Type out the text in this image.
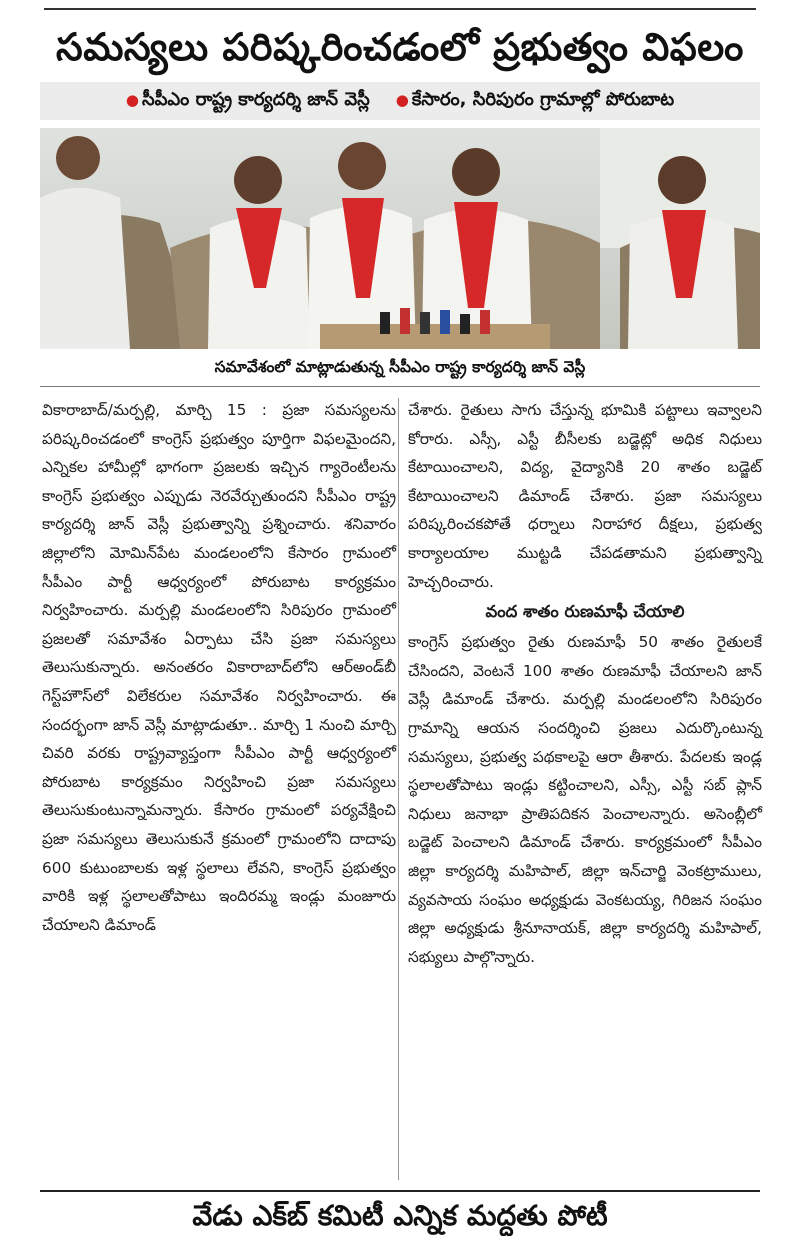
సమస్యలు పరిష్కరించడంలో ప్రభుత్వం విఫలం
● సీపీఎం రాష్ట్ర కార్యదర్శి జాన్ వెస్లీ
●	కేసారం, సిరిపురం గ్రామాల్లో పోరుబాట
సమావేశంలో మాట్లాడుతున్న సీపీఎం రాష్ట్ర కార్యదర్శి జాన్ వెస్లీ

వికారాబాద్/మర్పల్లి, మార్చి 15 : ప్రజా సమస్యలను పరిష్కరించడంలో కాంగ్రెస్ ప్రభుత్వం పూర్తిగా విఫలమైందని, ఎన్నికల హామీల్లో భాగంగా ప్రజలకు ఇచ్చిన గ్యారెంటీలను కాంగ్రెస్ ప్రభుత్వం ఎప్పుడు నెరవేర్చుతుందని సీపీఎం రాష్ట్ర కార్యదర్శి జాన్ వెస్లీ ప్రభుత్వాన్ని ప్రశ్నించారు. శనివారం జిల్లాలోని మోమిన్‌పేట మండలంలోని కేసారం గ్రామంలో సీపీఎం పార్టీ ఆధ్వర్యంలో పోరుబాట కార్యక్రమం నిర్వహించారు. మర్పల్లి మండలంలోని సిరిపురం గ్రామంలో ప్రజలతో సమావేశం ఏర్పాటు చేసి ప్రజా సమస్యలు తెలుసుకున్నారు. అనంతరం వికారాబాద్‌లోని ఆర్‌అండ్‌బీ గెస్ట్‌హౌస్‌లో విలేకరుల సమావేశం నిర్వహించారు. ఈ సందర్భంగా జాన్ వెస్లీ మాట్లాడుతూ.. మార్చి 1 నుంచి మార్చి చివరి వరకు రాష్ట్రవ్యాప్తంగా సీపీఎం పార్టీ ఆధ్వర్యంలో పోరుబాట కార్యక్రమం నిర్వహించి ప్రజా సమస్యలు తెలుసుకుంటున్నామన్నారు. కేసారం గ్రామంలో పర్యవేక్షించి ప్రజా సమస్యలు తెలుసుకునే క్రమంలో గ్రామంలోని దాదాపు 600 కుటుంబాలకు ఇళ్ల స్థలాలు లేవని, కాంగ్రెస్ ప్రభుత్వం వారికి ఇళ్ల స్థలాలతోపాటు ఇందిరమ్మ ఇండ్లు మంజూరు చేయాలని డిమాండ్

చేశారు. రైతులు సాగు చేస్తున్న భూమికి పట్టాలు ఇవ్వాలని కోరారు. ఎస్సీ, ఎస్టీ బీసీలకు బడ్జెట్లో అధిక నిధులు కేటాయించాలని, విద్య, వైద్యానికి 20 శాతం బడ్జెట్ కేటాయించాలని డిమాండ్ చేశారు. ప్రజా సమస్యలు పరిష్కరించకపోతే ధర్నాలు నిరాహార దీక్షలు, ప్రభుత్వ కార్యాలయాల ముట్టడి చేపడతామని ప్రభుత్వాన్ని హెచ్చరించారు.

వంద శాతం రుణమాఫీ చేయాలి

కాంగ్రెస్ ప్రభుత్వం రైతు రుణమాఫీ 50 శాతం రైతులకే చేసిందని, వెంటనే 100 శాతం రుణమాఫీ చేయాలని జాన్ వెస్లీ డిమాండ్ చేశారు. మర్పల్లి మండలంలోని సిరిపురం గ్రామాన్ని ఆయన సందర్శించి ప్రజలు ఎదుర్కొంటున్న సమస్యలు, ప్రభుత్వ పథకాలపై ఆరా తీశారు. పేదలకు ఇండ్ల స్థలాలతోపాటు ఇండ్లు కట్టించాలని, ఎస్సీ, ఎస్టీ సబ్ ప్లాన్ నిధులు జనాభా ప్రాతిపదికన పెంచాలన్నారు. అసెంబ్లీలో బడ్జెట్ పెంచాలని డిమాండ్ చేశారు. కార్యక్రమంలో సీపీఎం జిల్లా కార్యదర్శి మహిపాల్, జిల్లా ఇన్‌చార్జి వెంకట్రాములు, వ్యవసాయ సంఘం అధ్యక్షుడు వెంకటయ్య, గిరిజన సంఘం జిల్లా అధ్యక్షుడు శ్రీనూనాయక్, జిల్లా కార్యదర్శి మహిపాల్, సభ్యులు పాల్గొన్నారు.

వేడు ఎక్‌బ్‌ కమిటీ ఎన్నిక మద్దతు పోటీ
